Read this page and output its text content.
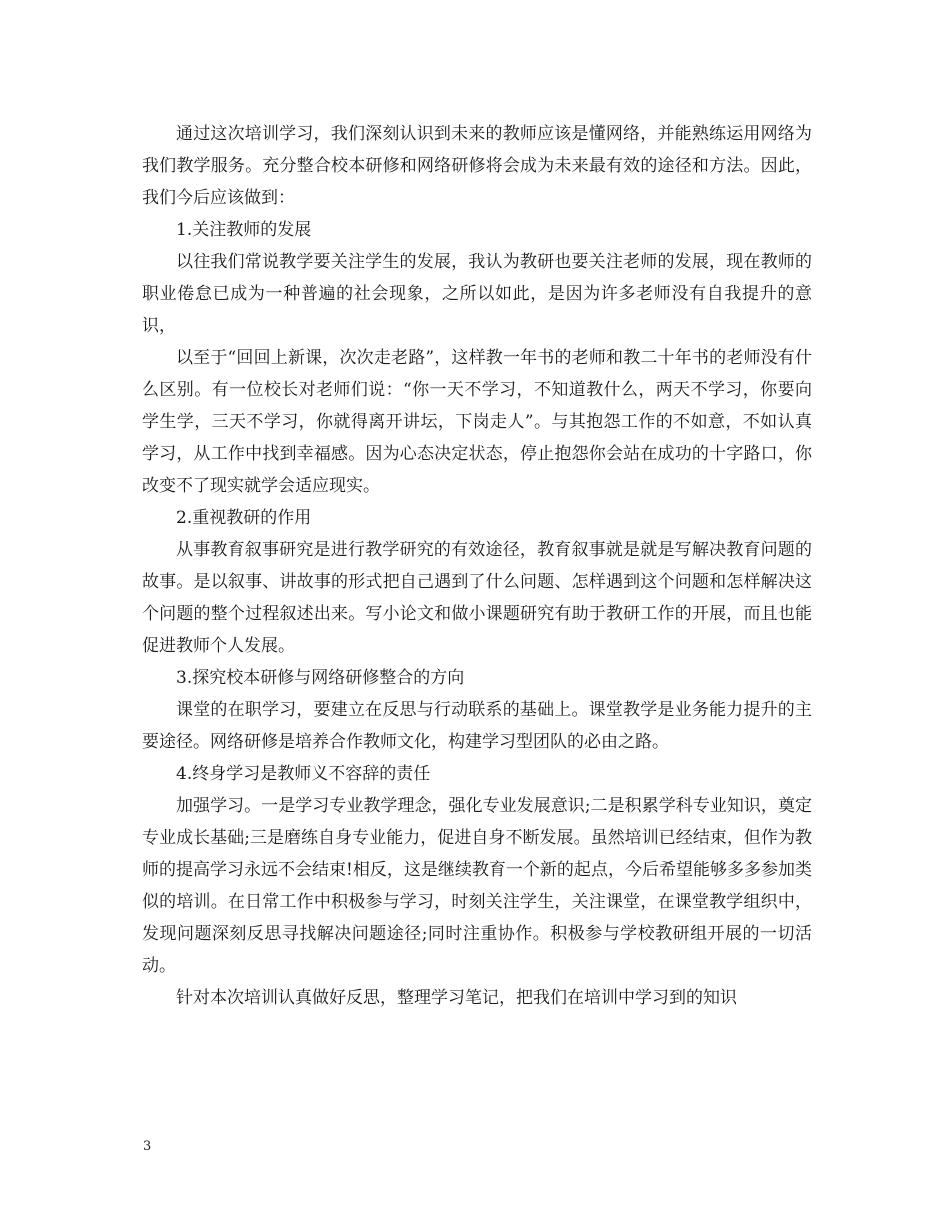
通过这次培训学习，我们深刻认识到未来的教师应该是懂网络，并能熟练运用网络为我们教学服务。充分整合校本研修和网络研修将会成为未来最有效的途径和方法。因此，我们今后应该做到：

1.关注教师的发展

以往我们常说教学要关注学生的发展，我认为教研也要关注老师的发展，现在教师的职业倦怠已成为一种普遍的社会现象，之所以如此，是因为许多老师没有自我提升的意识，

以至于“回回上新课，次次走老路”，这样教一年书的老师和教二十年书的老师没有什么区别。有一位校长对老师们说：“你一天不学习，不知道教什么，两天不学习，你要向学生学，三天不学习，你就得离开讲坛，下岗走人”。与其抱怨工作的不如意，不如认真学习，从工作中找到幸福感。因为心态决定状态，停止抱怨你会站在成功的十字路口，你改变不了现实就学会适应现实。

2.重视教研的作用

从事教育叙事研究是进行教学研究的有效途径，教育叙事就是就是写解决教育问题的故事。是以叙事、讲故事的形式把自己遇到了什么问题、怎样遇到这个问题和怎样解决这个问题的整个过程叙述出来。写小论文和做小课题研究有助于教研工作的开展，而且也能促进教师个人发展。

3.探究校本研修与网络研修整合的方向

课堂的在职学习，要建立在反思与行动联系的基础上。课堂教学是业务能力提升的主要途径。网络研修是培养合作教师文化，构建学习型团队的必由之路。

4.终身学习是教师义不容辞的责任

加强学习。一是学习专业教学理念，强化专业发展意识;二是积累学科专业知识，奠定专业成长基础;三是磨练自身专业能力，促进自身不断发展。虽然培训已经结束，但作为教师的提高学习永远不会结束!相反，这是继续教育一个新的起点，今后希望能够多多参加类似的培训。在日常工作中积极参与学习，时刻关注学生，关注课堂，在课堂教学组织中，发现问题深刻反思寻找解决问题途径;同时注重协作。积极参与学校教研组开展的一切活动。

针对本次培训认真做好反思，整理学习笔记，把我们在培训中学习到的知识

3
